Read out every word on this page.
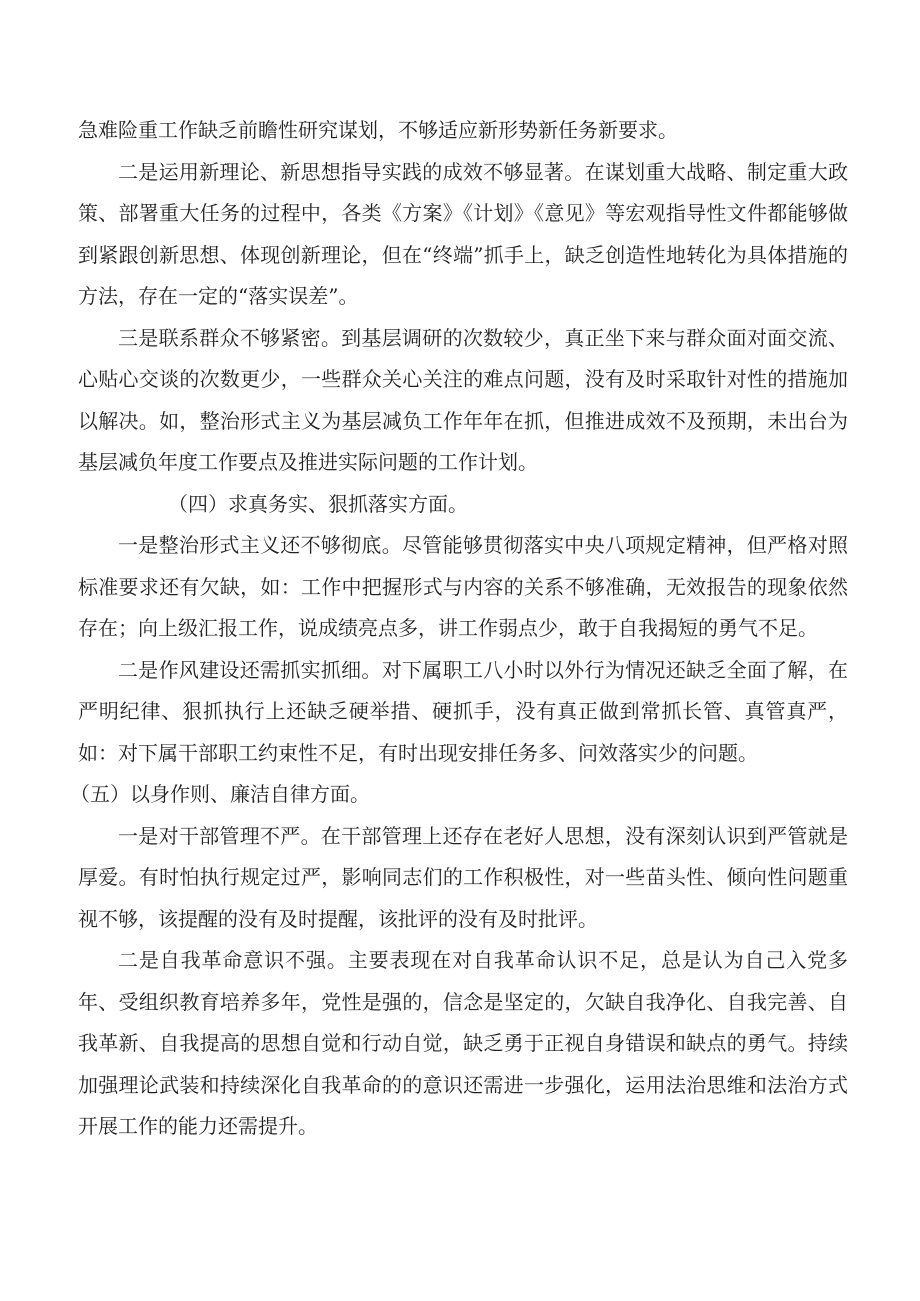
急难险重工作缺乏前瞻性研究谋划，不够适应新形势新任务新要求。

二是运用新理论、新思想指导实践的成效不够显著。在谋划重大战略、制定重大政策、部署重大任务的过程中，各类《方案》《计划》《意见》等宏观指导性文件都能够做到紧跟创新思想、体现创新理论，但在“终端”抓手上，缺乏创造性地转化为具体措施的方法，存在一定的“落实误差”。

三是联系群众不够紧密。到基层调研的次数较少，真正坐下来与群众面对面交流、心贴心交谈的次数更少，一些群众关心关注的难点问题，没有及时采取针对性的措施加以解决。如，整治形式主义为基层减负工作年年在抓，但推进成效不及预期，未出台为基层减负年度工作要点及推进实际问题的工作计划。

（四）求真务实、狠抓落实方面。

一是整治形式主义还不够彻底。尽管能够贯彻落实中央八项规定精神，但严格对照标准要求还有欠缺，如：工作中把握形式与内容的关系不够准确，无效报告的现象依然存在；向上级汇报工作，说成绩亮点多，讲工作弱点少，敢于自我揭短的勇气不足。

二是作风建设还需抓实抓细。对下属职工八小时以外行为情况还缺乏全面了解，在严明纪律、狠抓执行上还缺乏硬举措、硬抓手，没有真正做到常抓长管、真管真严，如：对下属干部职工约束性不足，有时出现安排任务多、问效落实少的问题。

（五）以身作则、廉洁自律方面。

一是对干部管理不严。在干部管理上还存在老好人思想，没有深刻认识到严管就是厚爱。有时怕执行规定过严，影响同志们的工作积极性，对一些苗头性、倾向性问题重视不够，该提醒的没有及时提醒，该批评的没有及时批评。

二是自我革命意识不强。主要表现在对自我革命认识不足，总是认为自己入党多年、受组织教育培养多年，党性是强的，信念是坚定的，欠缺自我净化、自我完善、自我革新、自我提高的思想自觉和行动自觉，缺乏勇于正视自身错误和缺点的勇气。持续加强理论武装和持续深化自我革命的的意识还需进一步强化，运用法治思维和法治方式开展工作的能力还需提升。
